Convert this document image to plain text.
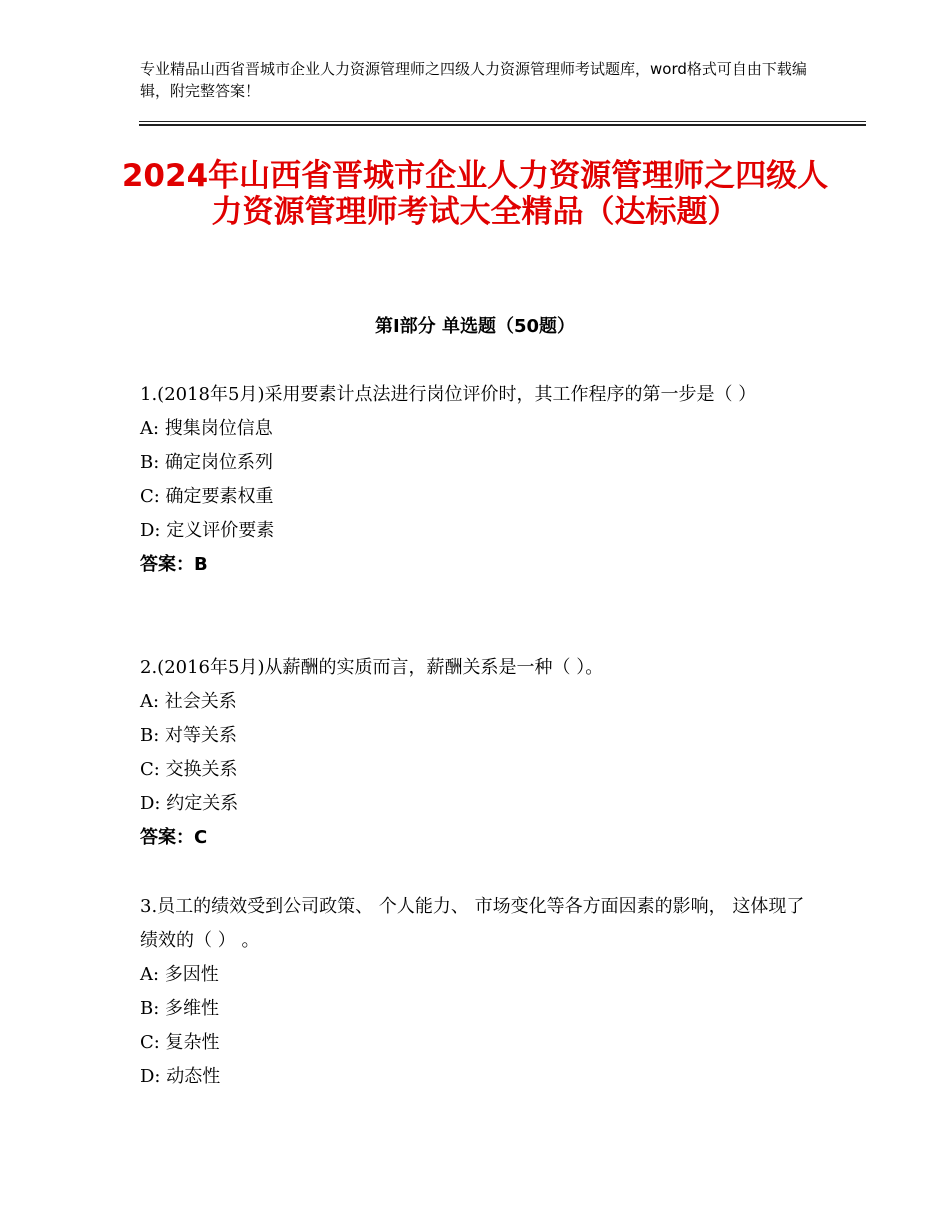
专业精品山西省晋城市企业人力资源管理师之四级人力资源管理师考试题库，word格式可自由下载编辑，附完整答案！
2024年山西省晋城市企业人力资源管理师之四级人力资源管理师考试大全精品（达标题）
第Ⅰ部分 单选题（50题）
1.(2018年5月)采用要素计点法进行岗位评价时，其工作程序的第一步是（ ）
A: 搜集岗位信息
B: 确定岗位系列
C: 确定要素权重
D: 定义评价要素
答案：B
2.(2016年5月)从薪酬的实质而言，薪酬关系是一种（ ）。
A: 社会关系
B: 对等关系
C: 交换关系
D: 约定关系
答案：C
3.员工的绩效受到公司政策、 个人能力、 市场变化等各方面因素的影响， 这体现了绩效的（ ） 。
A: 多因性
B: 多维性
C: 复杂性
D: 动态性
